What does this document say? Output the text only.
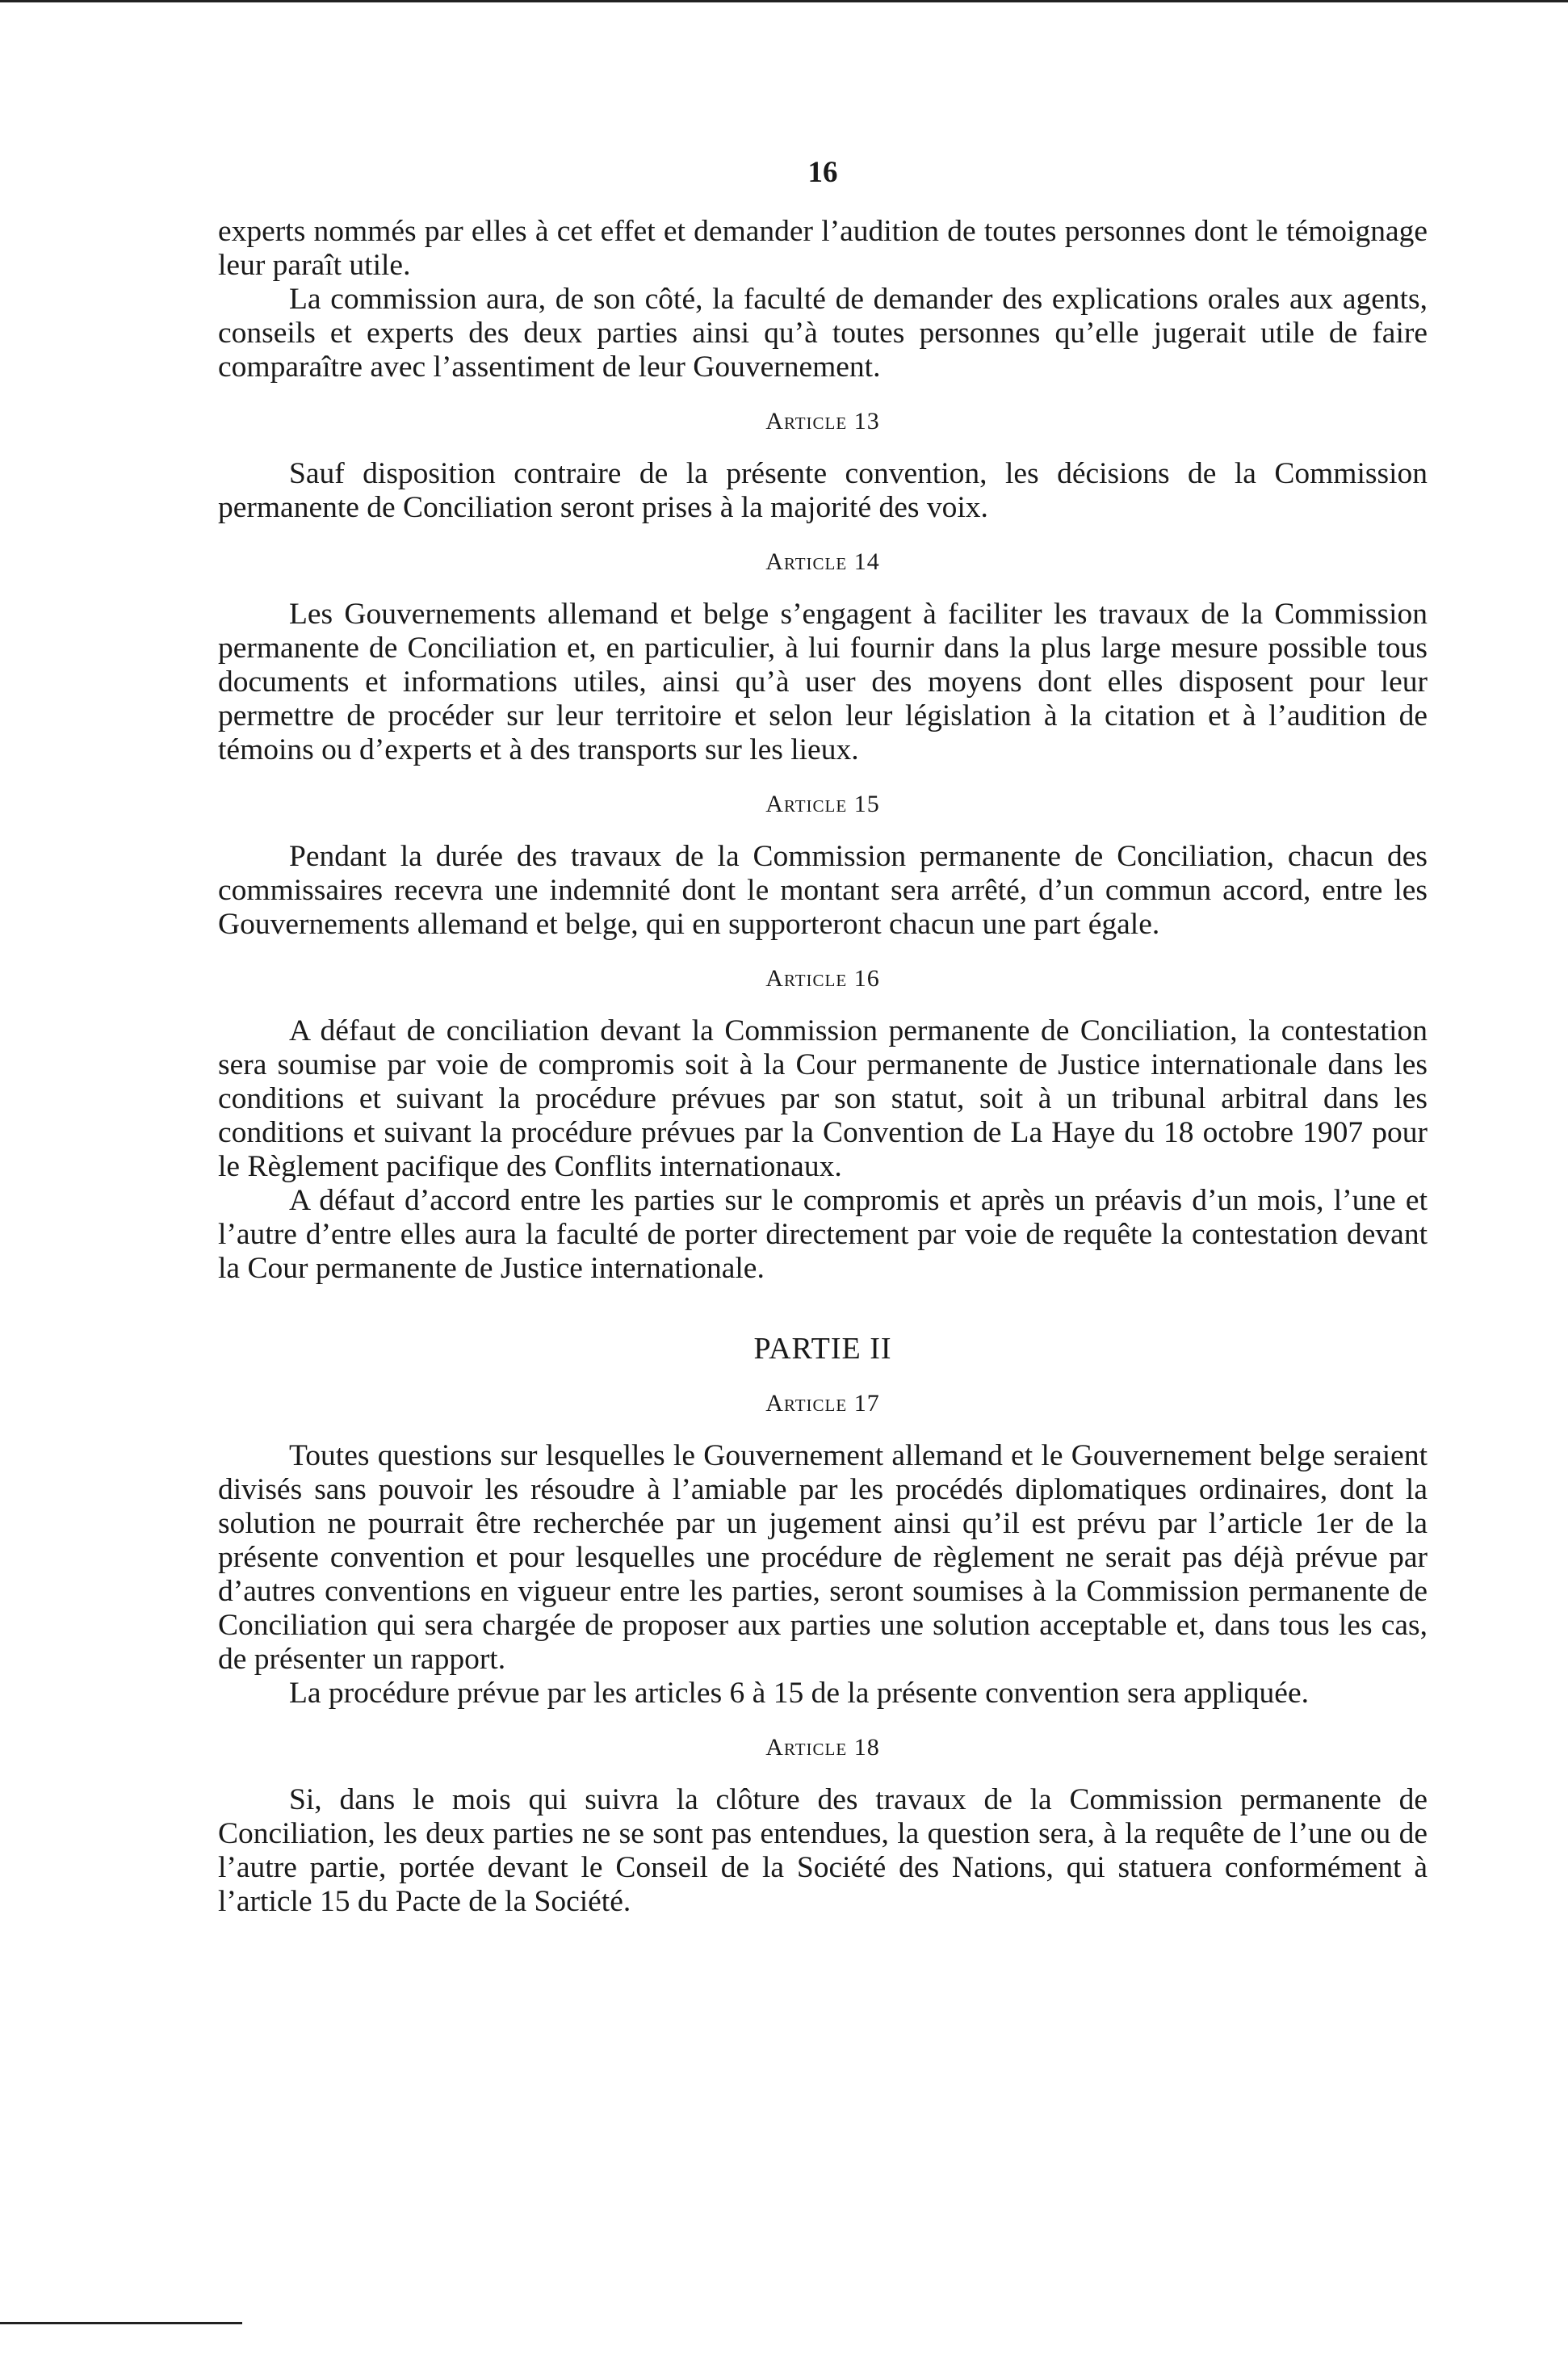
16

experts nommés par elles à cet effet et demander l’audition de toutes personnes dont le témoignage leur paraît utile.

La commission aura, de son côté, la faculté de demander des explications orales aux agents, conseils et experts des deux parties ainsi qu’à toutes personnes qu’elle jugerait utile de faire comparaître avec l’assentiment de leur Gouvernement.

Article 13

Sauf disposition contraire de la présente convention, les décisions de la Commission permanente de Conciliation seront prises à la majorité des voix.

Article 14

Les Gouvernements allemand et belge s’engagent à faciliter les travaux de la Commission permanente de Conciliation et, en particulier, à lui fournir dans la plus large mesure possible tous documents et informations utiles, ainsi qu’à user des moyens dont elles disposent pour leur permettre de procéder sur leur territoire et selon leur législation à la citation et à l’audition de témoins ou d’experts et à des transports sur les lieux.

Article 15

Pendant la durée des travaux de la Commission permanente de Conciliation, chacun des commissaires recevra une indemnité dont le montant sera arrêté, d’un commun accord, entre les Gouvernements allemand et belge, qui en supporteront chacun une part égale.

Article 16

A défaut de conciliation devant la Commission permanente de Conciliation, la contestation sera soumise par voie de compromis soit à la Cour permanente de Justice internationale dans les conditions et suivant la procédure prévues par son statut, soit à un tribunal arbitral dans les conditions et suivant la procédure prévues par la Convention de La Haye du 18 octobre 1907 pour le Règlement pacifique des Conflits internationaux.

A défaut d’accord entre les parties sur le compromis et après un préavis d’un mois, l’une et l’autre d’entre elles aura la faculté de porter directement par voie de requête la contestation devant la Cour permanente de Justice internationale.

PARTIE II
Article 17

Toutes questions sur lesquelles le Gouvernement allemand et le Gouvernement belge seraient divisés sans pouvoir les résoudre à l’amiable par les procédés diplomatiques ordinaires, dont la solution ne pourrait être recherchée par un jugement ainsi qu’il est prévu par l’article 1er de la présente convention et pour lesquelles une procédure de règlement ne serait pas déjà prévue par d’autres conventions en vigueur entre les parties, seront soumises à la Commission permanente de Conciliation qui sera chargée de proposer aux parties une solution acceptable et, dans tous les cas, de présenter un rapport.

La procédure prévue par les articles 6 à 15 de la présente convention sera appliquée.

Article 18

Si, dans le mois qui suivra la clôture des travaux de la Commission permanente de Conciliation, les deux parties ne se sont pas entendues, la question sera, à la requête de l’une ou de l’autre partie, portée devant le Conseil de la Société des Nations, qui statuera conformément à l’article 15 du Pacte de la Société.
